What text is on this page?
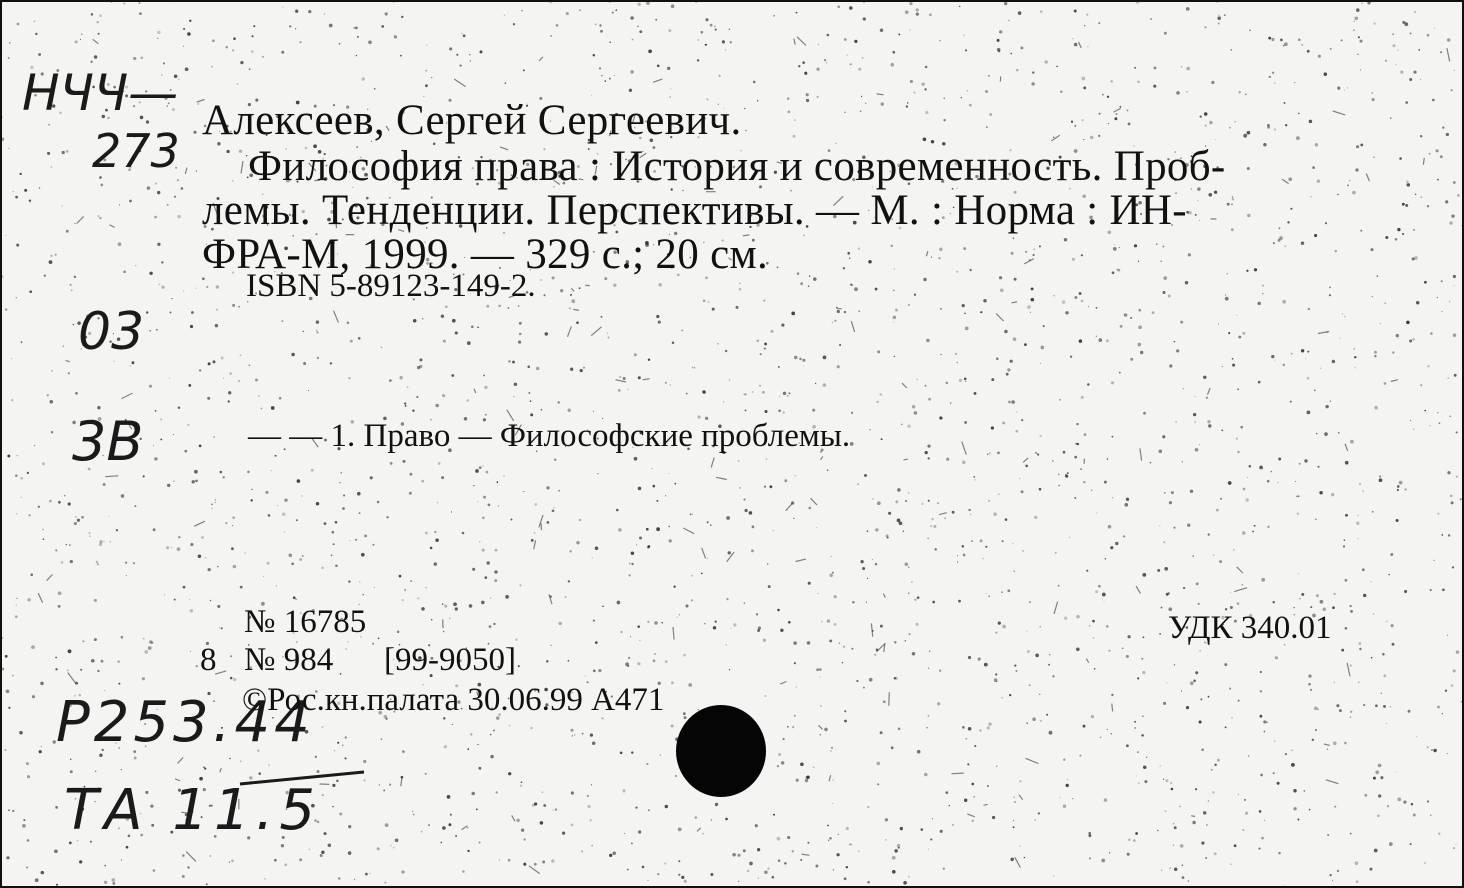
НЧЧ—
273
03
3В
Р253.44
ТА 11.5
Алексеев, Сергей Сергеевич.
Философия права : История и современность. Проб-
лемы. Тенденции. Перспективы. — М. : Норма : ИН-
ФРА-М, 1999. — 329 с.; 20 см.
ISBN 5-89123-149-2.
— — 1. Право — Философские проблемы.
№ 16785
8 № 984 [99-9050]
©Рос.кн.палата 30.06.99 А471
УДК 340.01
